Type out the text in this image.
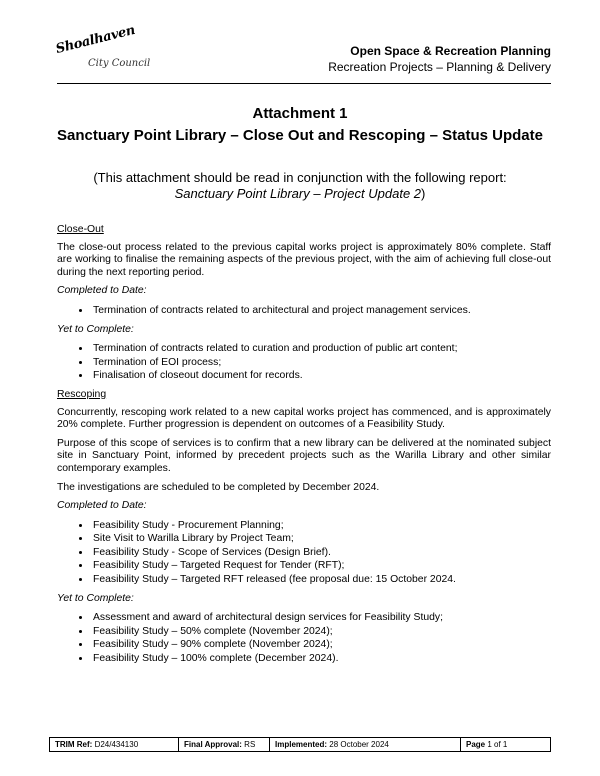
Shoalhaven
City Council
Open Space & Recreation Planning
Recreation Projects – Planning & Delivery
Attachment 1
Sanctuary Point Library – Close Out and Rescoping – Status Update
(This attachment should be read in conjunction with the following report:
Sanctuary Point Library – Project Update 2)
Close-Out

The close-out process related to the previous capital works project is approximately 80% complete. Staff are working to finalise the remaining aspects of the previous project, with the aim of achieving full close-out during the next reporting period.

Completed to Date:

• Termination of contracts related to architectural and project management services.

Yet to Complete:

• Termination of contracts related to curation and production of public art content;
• Termination of EOI process;
• Finalisation of closeout document for records.
Rescoping

Concurrently, rescoping work related to a new capital works project has commenced, and is approximately 20% complete. Further progression is dependent on outcomes of a Feasibility Study.

Purpose of this scope of services is to confirm that a new library can be delivered at the nominated subject site in Sanctuary Point, informed by precedent projects such as the Warilla Library and other similar contemporary examples.

The investigations are scheduled to be completed by December 2024.

Completed to Date:

• Feasibility Study - Procurement Planning;
• Site Visit to Warilla Library by Project Team;
• Feasibility Study - Scope of Services (Design Brief).
• Feasibility Study – Targeted Request for Tender (RFT);
• Feasibility Study – Targeted RFT released (fee proposal due: 15 October 2024.

Yet to Complete:

• Assessment and award of architectural design services for Feasibility Study;
• Feasibility Study – 50% complete (November 2024);
• Feasibility Study – 90% complete (November 2024);
• Feasibility Study – 100% complete (December 2024).
TRIM Ref: D24/434130	Final Approval: RS	Implemented: 28 October 2024	Page 1 of 1
